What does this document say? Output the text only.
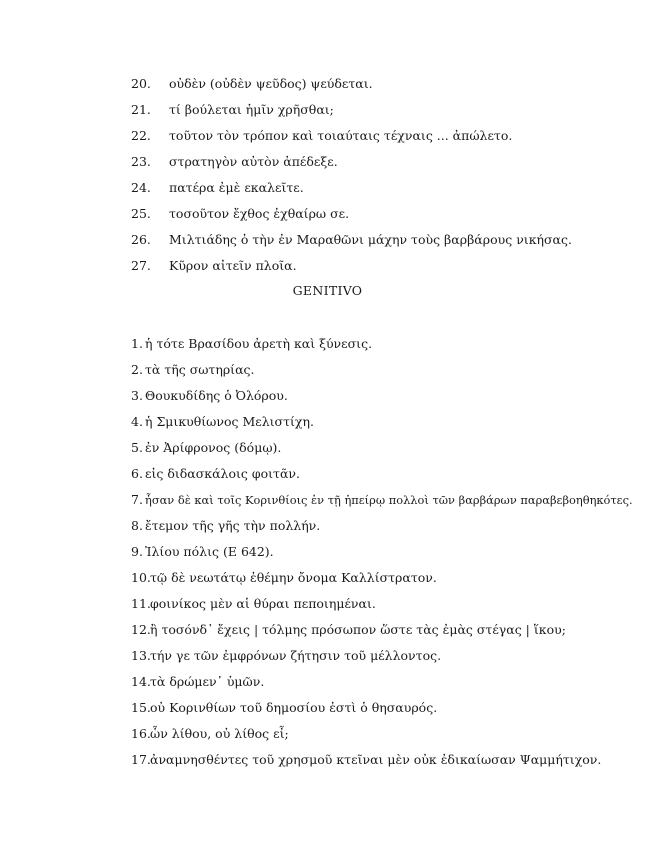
20. οὐδὲν (οὐδὲν ψεῦδος) ψεύδεται.
21. τί βούλεται ἡμῖν χρῆσθαι;
22. τοῦτον τὸν τρόπον καὶ τοιαύταις τέχναις ... ἀπώλετο.
23. στρατηγὸν αὐτὸν ἀπέδεξε.
24. πατέρα ἐμὲ εκαλεῖτε.
25. τοσοῦτον ἔχθος ἐχθαίρω σε.
26. Μιλτιάδης ὁ τὴν ἐν Μαραθῶνι μάχην τοὺς βαρβάρους νικήσας.
27. Κῦρον αἰτεῖν πλοῖα.
GENITIVO
1. ἡ τότε Βρασίδου ἀρετὴ καὶ ξύνεσις.
2. τὰ τῆς σωτηρίας.
3. Θουκυδίδης ὁ Ὀλόρου.
4. ἡ Σμικυθίωνος Μελιστίχη.
5. ἐν Ἀρίφρονος (δόμῳ).
6. εἰς διδασκάλοις φοιτᾶν.
7. ἦσαν δὲ καὶ τοῖς Κορινθίοις ἐν τῇ ἠπείρῳ πολλοὶ τῶν βαρβάρων παραβεβοηθηκότες.
8. ἔτεμον τῆς γῆς τὴν πολλήν.
9. Ἰλίου πόλις (E 642).
10. τῷ δὲ νεωτάτῳ ἐθέμην ὄνομα Καλλίστρατον.
11. φοινίκος μὲν αἱ θύραι πεποιημέναι.
12. ἢ τοσόνδ᾽ ἔχεις | τόλμης πρόσωπον ὥστε τὰς ἐμὰς στέγας | ἵκου;
13. τήν γε τῶν ἐμφρόνων ζήτησιν τοῦ μέλλοντος.
14. τὰ δρώμεν᾽ ὑμῶν.
15. οὐ Κορινθίων τοῦ δημοσίου ἐστὶ ὁ θησαυρός.
16. ὧν λίθου, οὐ λίθος εἶ;
17. ἀναμνησθέντες τοῦ χρησμοῦ κτεῖναι μὲν οὐκ ἐδικαίωσαν Ψαμμήτιχον.
